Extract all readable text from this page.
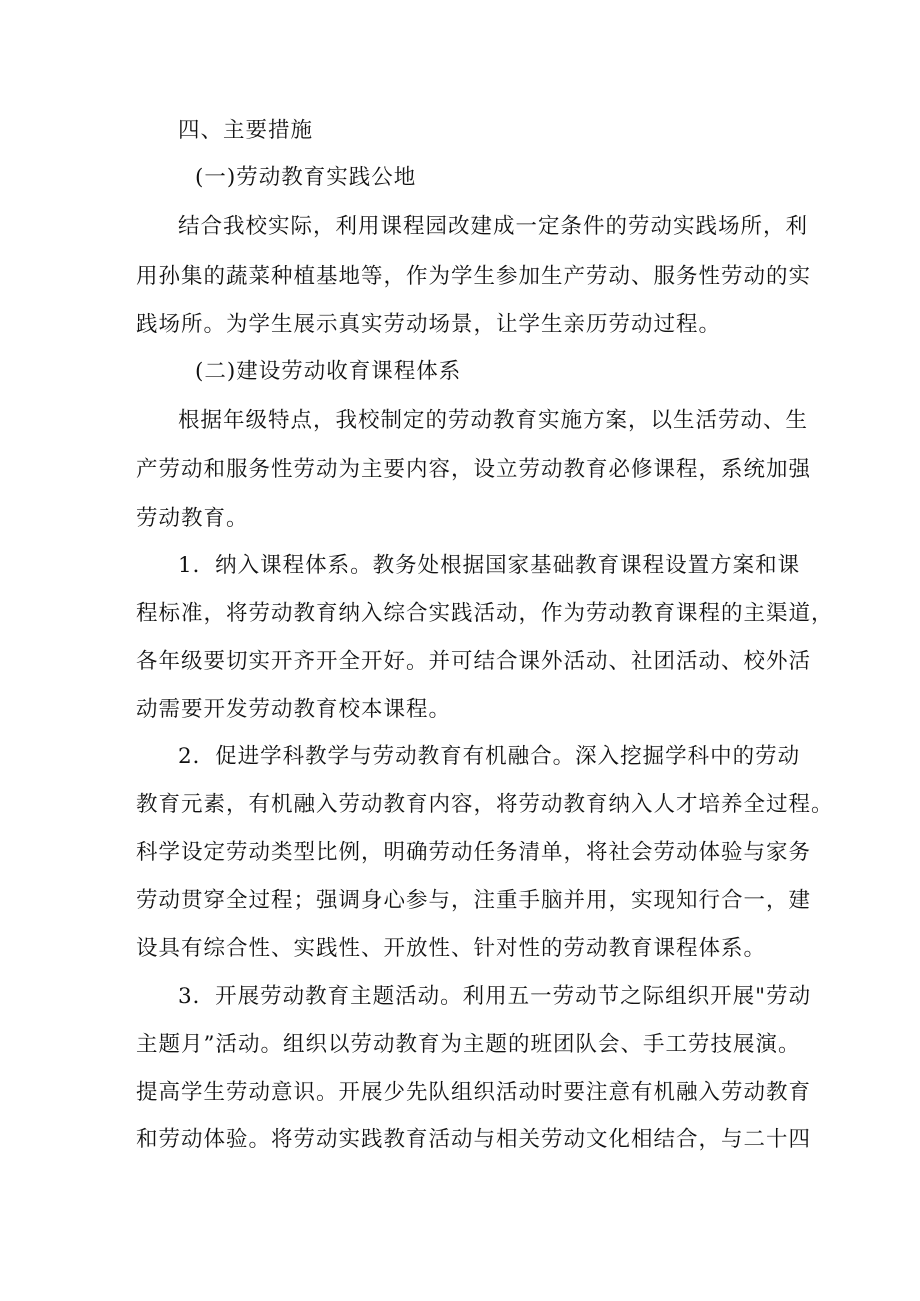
四、主要措施
(一)劳动教育实践公地
结合我校实际，利用课程园改建成一定条件的劳动实践场所，利
用孙集的蔬菜种植基地等，作为学生参加生产劳动、服务性劳动的实
践场所。为学生展示真实劳动场景，让学生亲历劳动过程。
(二)建设劳动收育课程体系
根据年级特点，我校制定的劳动教育实施方案，以生活劳动、生
产劳动和服务性劳动为主要内容，设立劳动教育必修课程，系统加强
劳动教育。
1．纳入课程体系。教务处根据国家基础教育课程设置方案和课
程标准，将劳动教育纳入综合实践活动，作为劳动教育课程的主渠道，
各年级要切实开齐开全开好。并可结合课外活动、社团活动、校外活
动需要开发劳动教育校本课程。
2．促进学科教学与劳动教育有机融合。深入挖掘学科中的劳动
教育元素，有机融入劳动教育内容，将劳动教育纳入人才培养全过程。
科学设定劳动类型比例，明确劳动任务清单，将社会劳动体验与家务
劳动贯穿全过程；强调身心参与，注重手脑并用，实现知行合一，建
设具有综合性、实践性、开放性、针对性的劳动教育课程体系。
3．开展劳动教育主题活动。利用五一劳动节之际组织开展"劳动
主题月”活动。组织以劳动教育为主题的班团队会、手工劳技展演。
提高学生劳动意识。开展少先队组织活动时要注意有机融入劳动教育
和劳动体验。将劳动实践教育活动与相关劳动文化相结合，与二十四
